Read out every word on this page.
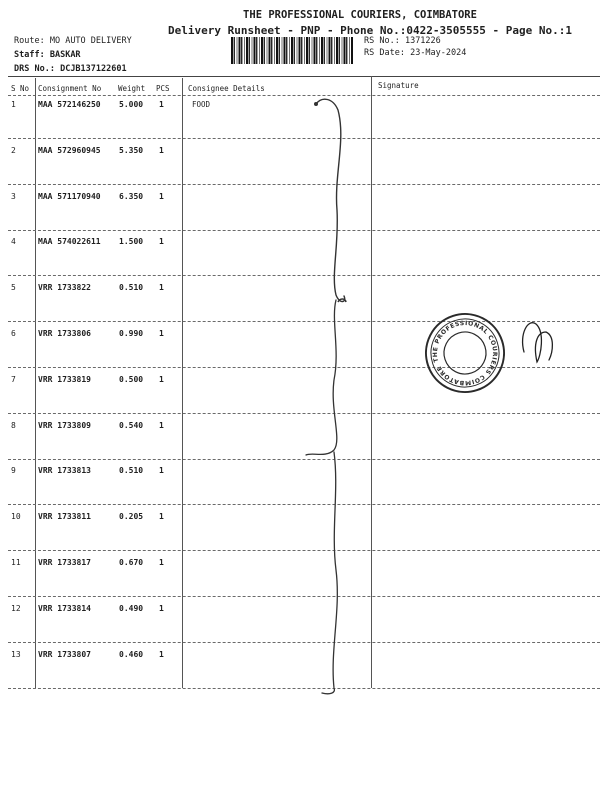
THE PROFESSIONAL COURIERS, COIMBATORE
Delivery Runsheet - PNP - Phone No.:0422-3505555 - Page No.:1
Route: MO AUTO DELIVERY
Staff: BASKAR
DRS No.: DCJB137122601
RS No.: 1371226
RS Date: 23-May-2024
S No Consignment No Weight PCS Consignee Details	Signature
1	MAA 572146250 5.000 1	FOOD
2	MAA 572960945 5.350 1
3	MAA 571170940 6.350 1
4	MAA 574022611 1.500 1
5	VRR 1733822	0.510 1
6	VRR 1733806	0.990 1
7	VRR 1733819	0.500 1
8	VRR 1733809	0.540 1
9	VRR 1733813	0.510 1
10 VRR 1733811	0.205 1
11 VRR 1733817	0.670 1
12 VRR 1733814	0.490 1
13 VRR 1733807	0.460 1
THE PROFESSIONAL COURIERS COIMBATORE
